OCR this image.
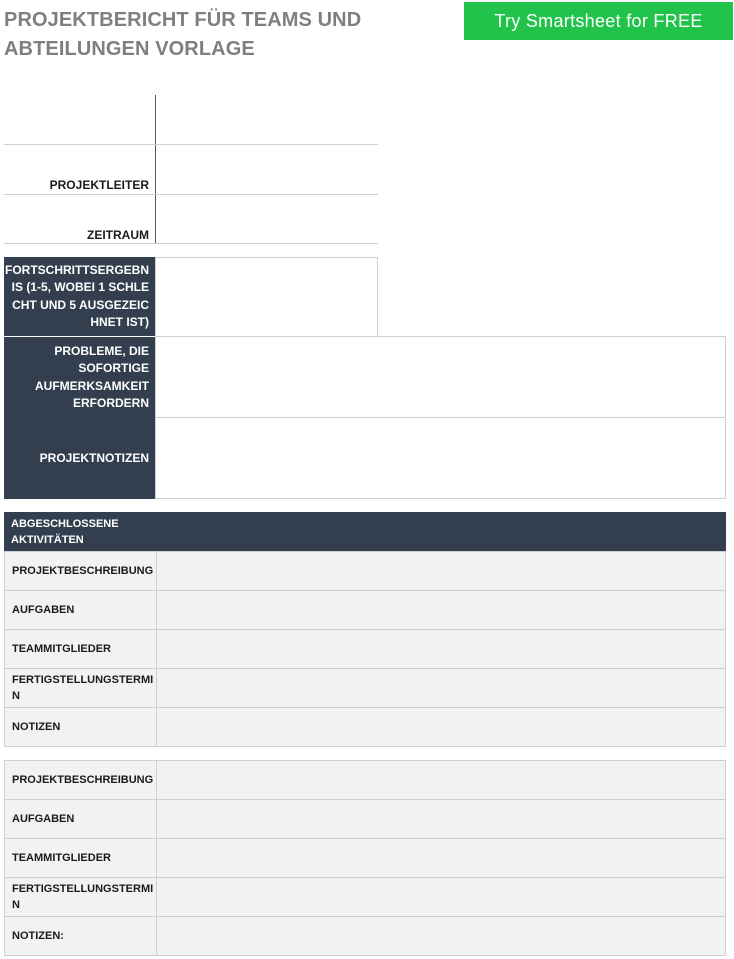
PROJEKTBERICHT FÜR TEAMS UND ABTEILUNGEN VORLAGE
Try Smartsheet for FREE
PROJEKTLEITER
ZEITRAUM
FORTSCHRITTSERGEBNIS (1-5, WOBEI 1 SCHLECHT UND 5 AUSGEZEICHNET IST)
PROBLEME, DIE SOFORTIGE AUFMERKSAMKEIT ERFORDERN
PROJEKTNOTIZEN
ABGESCHLOSSENE AKTIVITÄTEN
PROJEKTBESCHREIBUNG	
AUFGABEN	
TEAMMITGLIEDER	
FERTIGSTELLUNGSTERMIN	
NOTIZEN	
PROJEKTBESCHREIBUNG	
AUFGABEN	
TEAMMITGLIEDER	
FERTIGSTELLUNGSTERMIN	
NOTIZEN:	
